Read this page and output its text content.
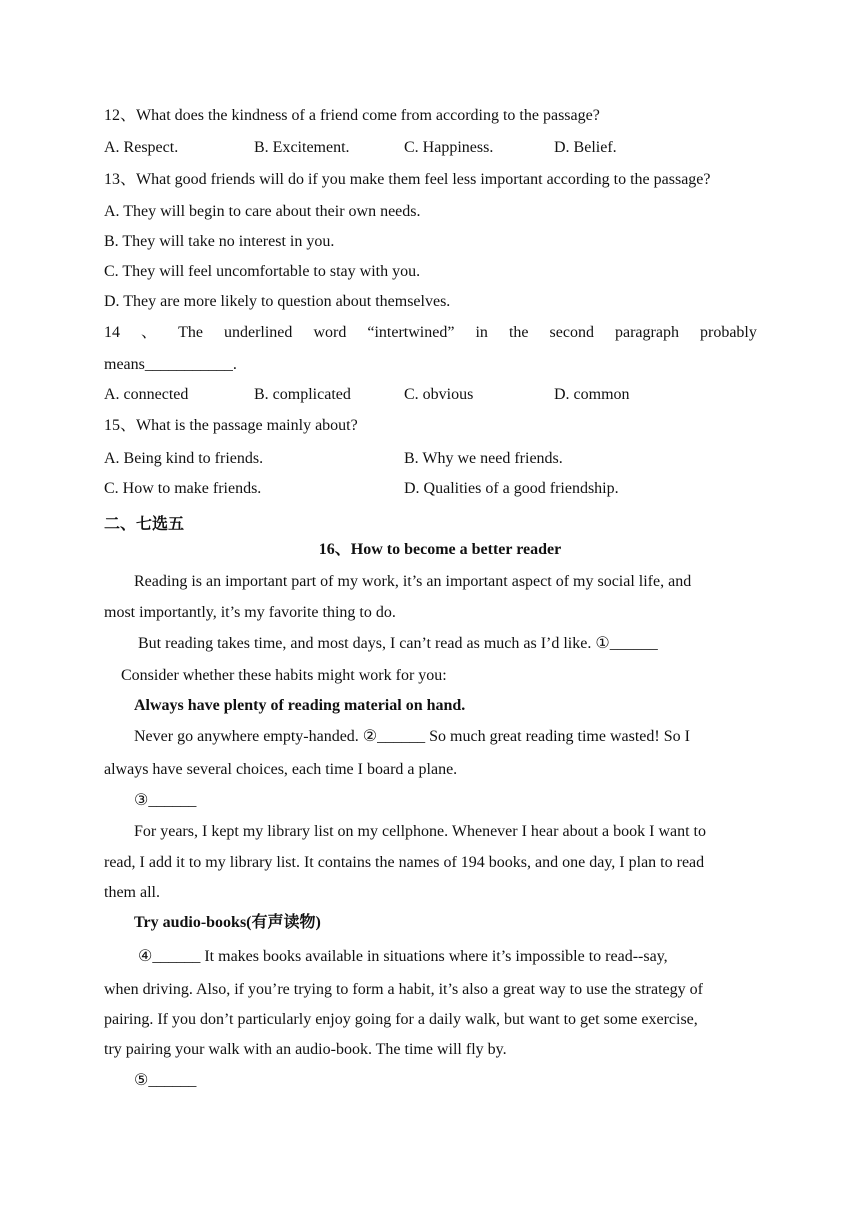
12、What does the kindness of a friend come from according to the passage?
A. Respect.	B. Excitement.	C. Happiness.	D. Belief.
13、What good friends will do if you make them feel less important according to the passage?
A. They will begin to care about their own needs.
B. They will take no interest in you.
C. They will feel uncomfortable to stay with you.
D. They are more likely to question about themselves.
14 、 The underlined word “intertwined” in the second paragraph probably
means___________.
A. connected	B. complicated	C. obvious	D. common
15、What is the passage mainly about?
A. Being kind to friends.	B. Why we need friends.
C. How to make friends.	D. Qualities of a good friendship.
二、七选五
16、How to become a better reader
Reading is an important part of my work, it’s an important aspect of my social life, and
most importantly, it’s my favorite thing to do.
But reading takes time, and most days, I can’t read as much as I’d like. ①______
Consider whether these habits might work for you:
Always have plenty of reading material on hand.
Never go anywhere empty-handed. ②______ So much great reading time wasted! So I
always have several choices, each time I board a plane.
③______
For years, I kept my library list on my cellphone. Whenever I hear about a book I want to
read, I add it to my library list. It contains the names of 194 books, and one day, I plan to read
them all.
Try audio-books(有声读物)
④______ It makes books available in situations where it’s impossible to read--say,
when driving. Also, if you’re trying to form a habit, it’s also a great way to use the strategy of
pairing. If you don’t particularly enjoy going for a daily walk, but want to get some exercise,
try pairing your walk with an audio-book. The time will fly by.
⑤______
